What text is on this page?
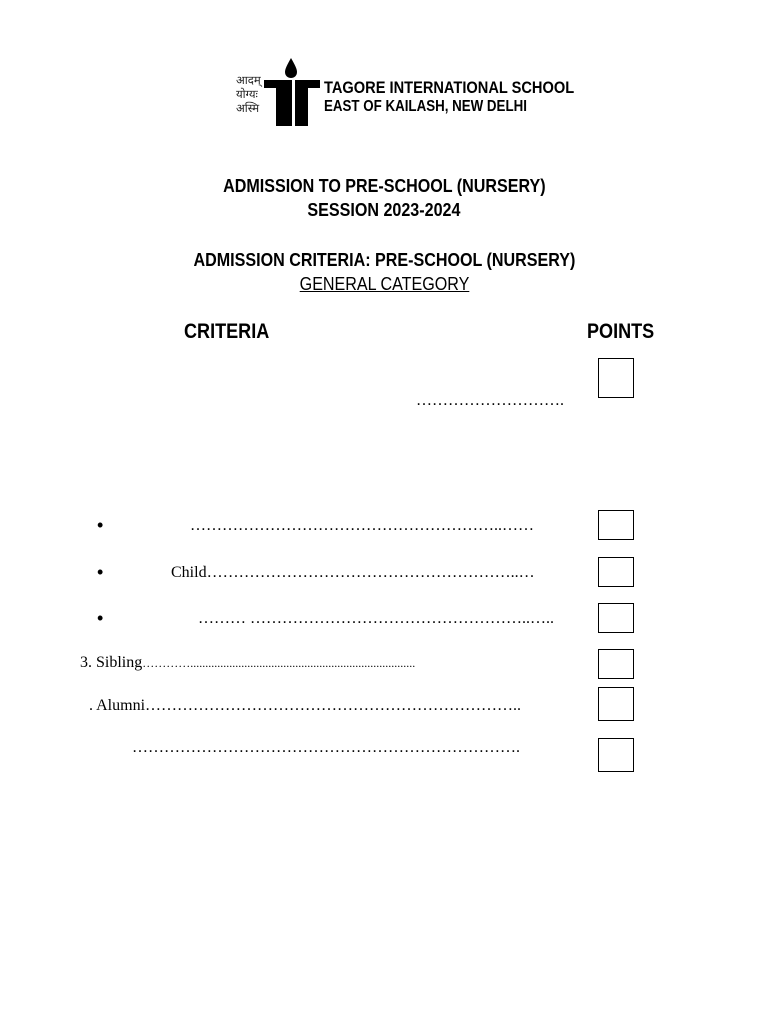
आदम्
योग्यः
अस्मि
TAGORE INTERNATIONAL SCHOOL
EAST OF KAILASH, NEW DELHI
ADMISSION TO PRE-SCHOOL (NURSERY)
SESSION 2023-2024
ADMISSION CRITERIA: PRE-SCHOOL (NURSERY)
GENERAL CATEGORY
CRITERIA	POINTS
……………………….
•	…………………………………………………..……
•	Child…………………………………………………..…
•	……… ……………………………………………..…..
3. Sibling…………...........................................................................
. Alumni……………………………………………………………..
……………………………………………………………….
